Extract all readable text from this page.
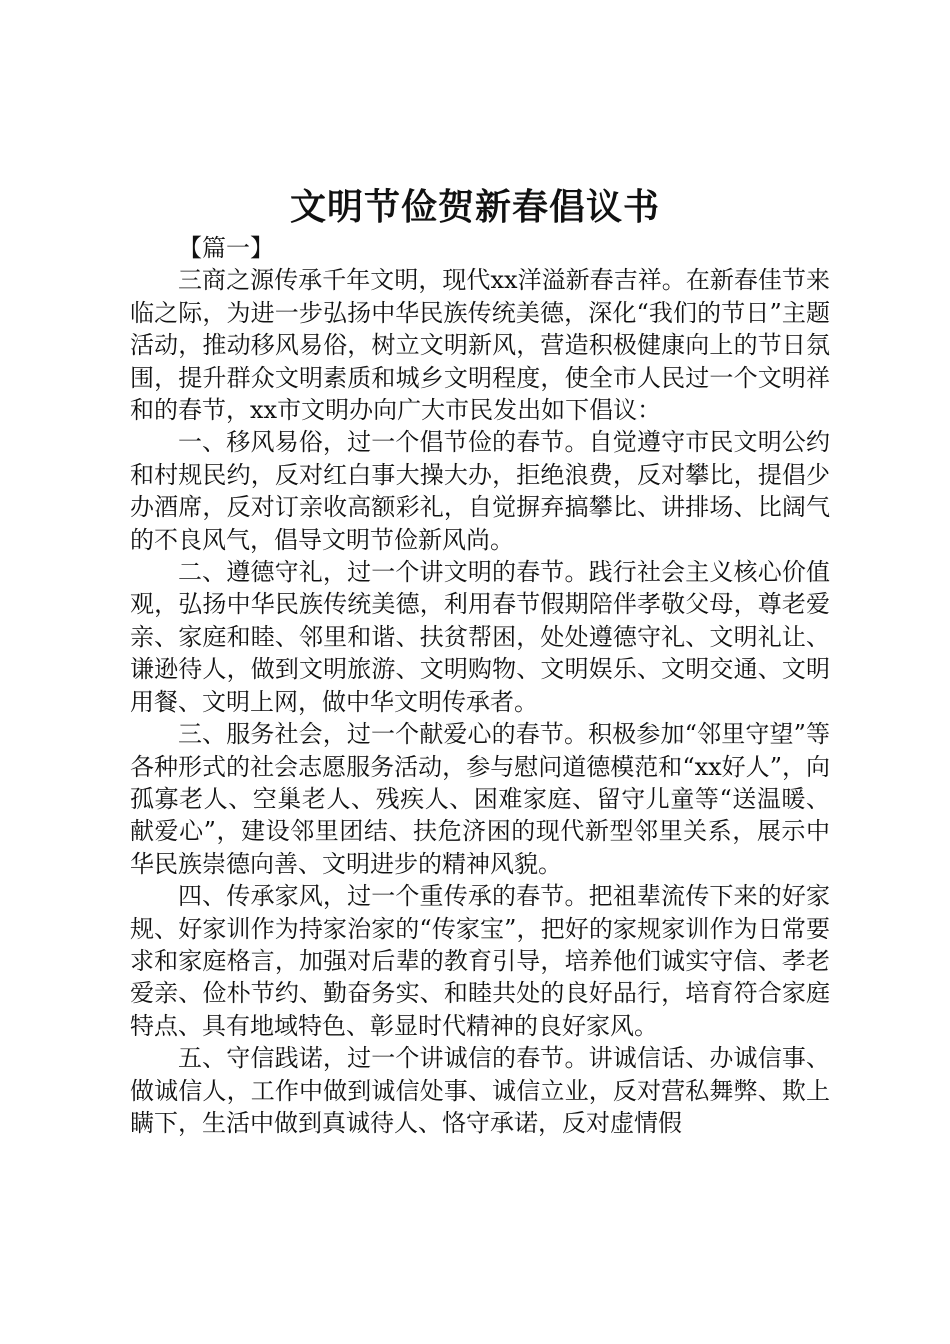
文明节俭贺新春倡议书

【篇一】

三商之源传承千年文明，现代xx洋溢新春吉祥。在新春佳节来临之际，为进一步弘扬中华民族传统美德，深化“我们的节日”主题活动，推动移风易俗，树立文明新风，营造积极健康向上的节日氛围，提升群众文明素质和城乡文明程度，使全市人民过一个文明祥和的春节，xx市文明办向广大市民发出如下倡议：

一、移风易俗，过一个倡节俭的春节。自觉遵守市民文明公约和村规民约，反对红白事大操大办，拒绝浪费，反对攀比，提倡少办酒席，反对订亲收高额彩礼，自觉摒弃搞攀比、讲排场、比阔气的不良风气，倡导文明节俭新风尚。

二、遵德守礼，过一个讲文明的春节。践行社会主义核心价值观，弘扬中华民族传统美德，利用春节假期陪伴孝敬父母，尊老爱亲、家庭和睦、邻里和谐、扶贫帮困，处处遵德守礼、文明礼让、谦逊待人，做到文明旅游、文明购物、文明娱乐、文明交通、文明用餐、文明上网，做中华文明传承者。

三、服务社会，过一个献爱心的春节。积极参加“邻里守望”等各种形式的社会志愿服务活动，参与慰问道德模范和“xx好人”，向孤寡老人、空巢老人、残疾人、困难家庭、留守儿童等“送温暖、献爱心”，建设邻里团结、扶危济困的现代新型邻里关系，展示中华民族崇德向善、文明进步的精神风貌。

四、传承家风，过一个重传承的春节。把祖辈流传下来的好家规、好家训作为持家治家的“传家宝”，把好的家规家训作为日常要求和家庭格言，加强对后辈的教育引导，培养他们诚实守信、孝老爱亲、俭朴节约、勤奋务实、和睦共处的良好品行，培育符合家庭特点、具有地域特色、彰显时代精神的良好家风。

五、守信践诺，过一个讲诚信的春节。讲诚信话、办诚信事、做诚信人，工作中做到诚信处事、诚信立业，反对营私舞弊、欺上瞒下，生活中做到真诚待人、恪守承诺，反对虚情假
